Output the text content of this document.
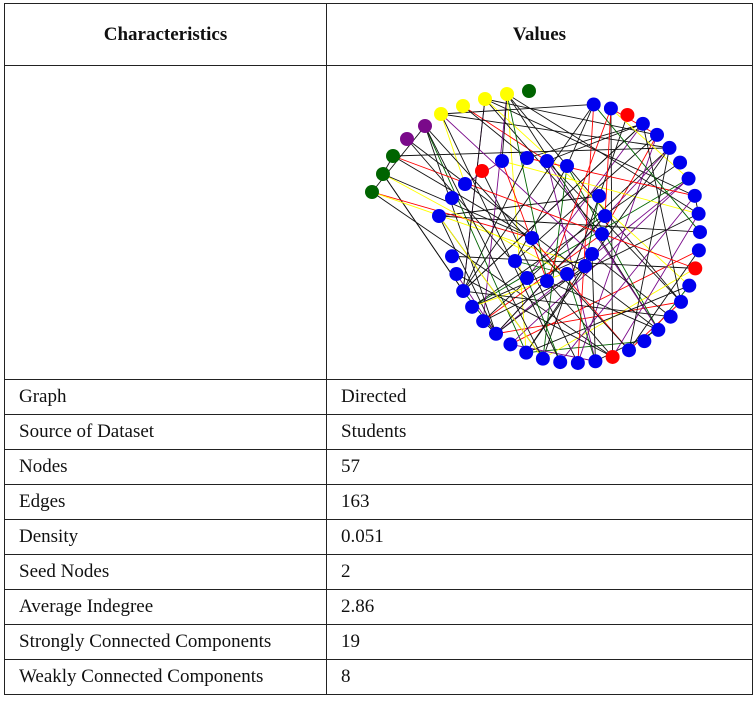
Characteristics	Values

Graph	Directed
Source of Dataset	Students
Nodes	57
Edges	163
Density	0.051
Seed Nodes	2
Average Indegree	2.86
Strongly Connected Components	19
Weakly Connected Components	8
